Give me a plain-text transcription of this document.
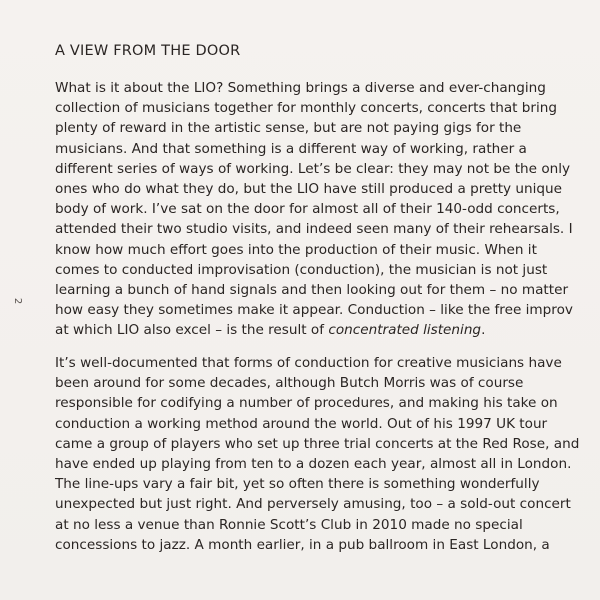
2
A VIEW FROM THE DOOR
What is it about the LIO? Something brings a diverse and ever-changing
collection of musicians together for monthly concerts, concerts that bring
plenty of reward in the artistic sense, but are not paying gigs for the
musicians. And that something is a different way of working, rather a
different series of ways of working. Let’s be clear: they may not be the only
ones who do what they do, but the LIO have still produced a pretty unique
body of work. I’ve sat on the door for almost all of their 140-odd concerts,
attended their two studio visits, and indeed seen many of their rehearsals. I
know how much effort goes into the production of their music. When it
comes to conducted improvisation (conduction), the musician is not just
learning a bunch of hand signals and then looking out for them – no matter
how easy they sometimes make it appear. Conduction – like the free improv
at which LIO also excel – is the result of concentrated listening.
It’s well-documented that forms of conduction for creative musicians have
been around for some decades, although Butch Morris was of course
responsible for codifying a number of procedures, and making his take on
conduction a working method around the world. Out of his 1997 UK tour
came a group of players who set up three trial concerts at the Red Rose, and
have ended up playing from ten to a dozen each year, almost all in London.
The line-ups vary a fair bit, yet so often there is something wonderfully
unexpected but just right. And perversely amusing, too – a sold-out concert
at no less a venue than Ronnie Scott’s Club in 2010 made no special
concessions to jazz. A month earlier, in a pub ballroom in East London, a
